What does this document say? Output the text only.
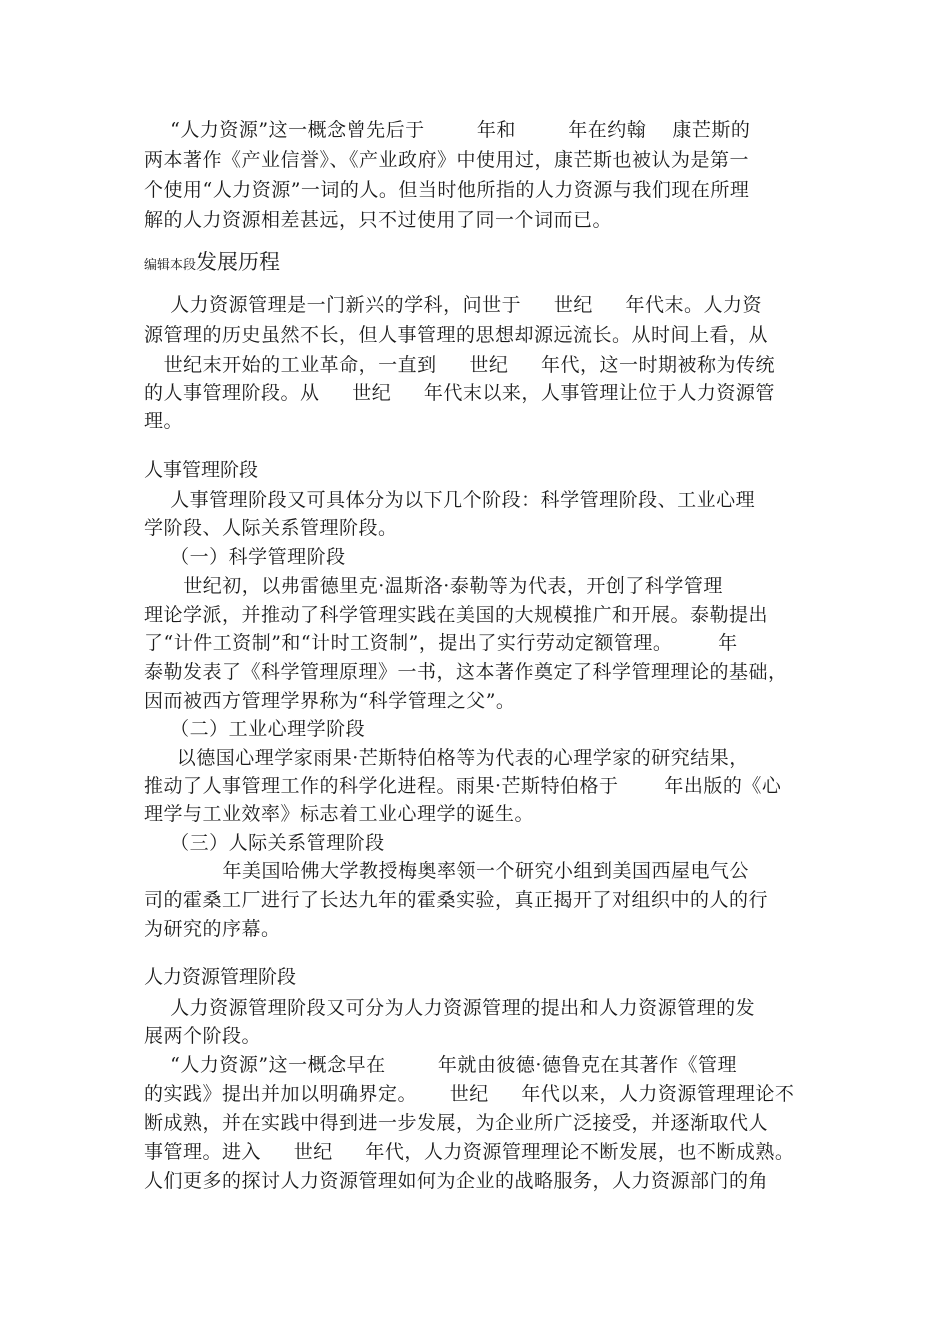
“人力资源”这一概念曾先后于        年和        年在约翰    康芒斯的
两本著作《产业信誉》、《产业政府》中使用过，康芒斯也被认为是第一
个使用“人力资源”一词的人。但当时他所指的人力资源与我们现在所理
解的人力资源相差甚远，只不过使用了同一个词而已。
编辑本段发展历程
人力资源管理是一门新兴的学科，问世于     世纪     年代末。人力资
源管理的历史虽然不长，但人事管理的思想却源远流长。从时间上看，从
世纪末开始的工业革命，一直到     世纪     年代，这一时期被称为传统
的人事管理阶段。从     世纪     年代末以来，人事管理让位于人力资源管
理。
人事管理阶段
人事管理阶段又可具体分为以下几个阶段：科学管理阶段、工业心理
学阶段、人际关系管理阶段。
（一）科学管理阶段
世纪初，以弗雷德里克·温斯洛·泰勒等为代表，开创了科学管理
理论学派，并推动了科学管理实践在美国的大规模推广和开展。泰勒提出
了“计件工资制”和“计时工资制”，提出了实行劳动定额管理。       年
泰勒发表了《科学管理原理》一书，这本著作奠定了科学管理理论的基础，
因而被西方管理学界称为“科学管理之父”。
（二）工业心理学阶段
以德国心理学家雨果·芒斯特伯格等为代表的心理学家的研究结果，
推动了人事管理工作的科学化进程。雨果·芒斯特伯格于       年出版的《心
理学与工业效率》标志着工业心理学的诞生。
（三）人际关系管理阶段
年美国哈佛大学教授梅奥率领一个研究小组到美国西屋电气公
司的霍桑工厂进行了长达九年的霍桑实验，真正揭开了对组织中的人的行
为研究的序幕。
人力资源管理阶段
人力资源管理阶段又可分为人力资源管理的提出和人力资源管理的发
展两个阶段。
“人力资源”这一概念早在        年就由彼德·德鲁克在其著作《管理
的实践》提出并加以明确界定。     世纪     年代以来，人力资源管理理论不
断成熟，并在实践中得到进一步发展，为企业所广泛接受，并逐渐取代人
事管理。进入     世纪     年代，人力资源管理理论不断发展，也不断成熟。
人们更多的探讨人力资源管理如何为企业的战略服务，人力资源部门的角
